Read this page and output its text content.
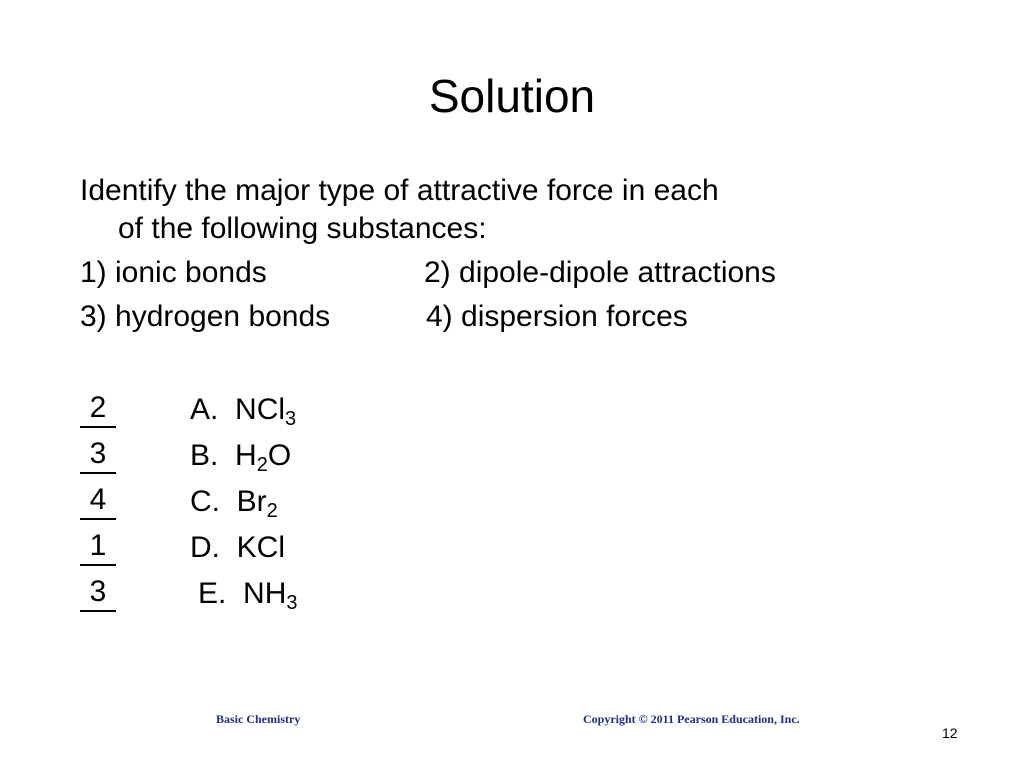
Solution
Identify the major type of attractive force in each
of the following substances:
1) ionic bonds	2) dipole-dipole attractions
3) hydrogen bonds	4) dispersion forces
2	A. NCl$_3$
3	B. $H_2O$
4	C. $Br_2$
1	D. KCl
3	E. $NH_3$
Basic Chemistry	Copyright © 2011 Pearson Education, Inc.
12
